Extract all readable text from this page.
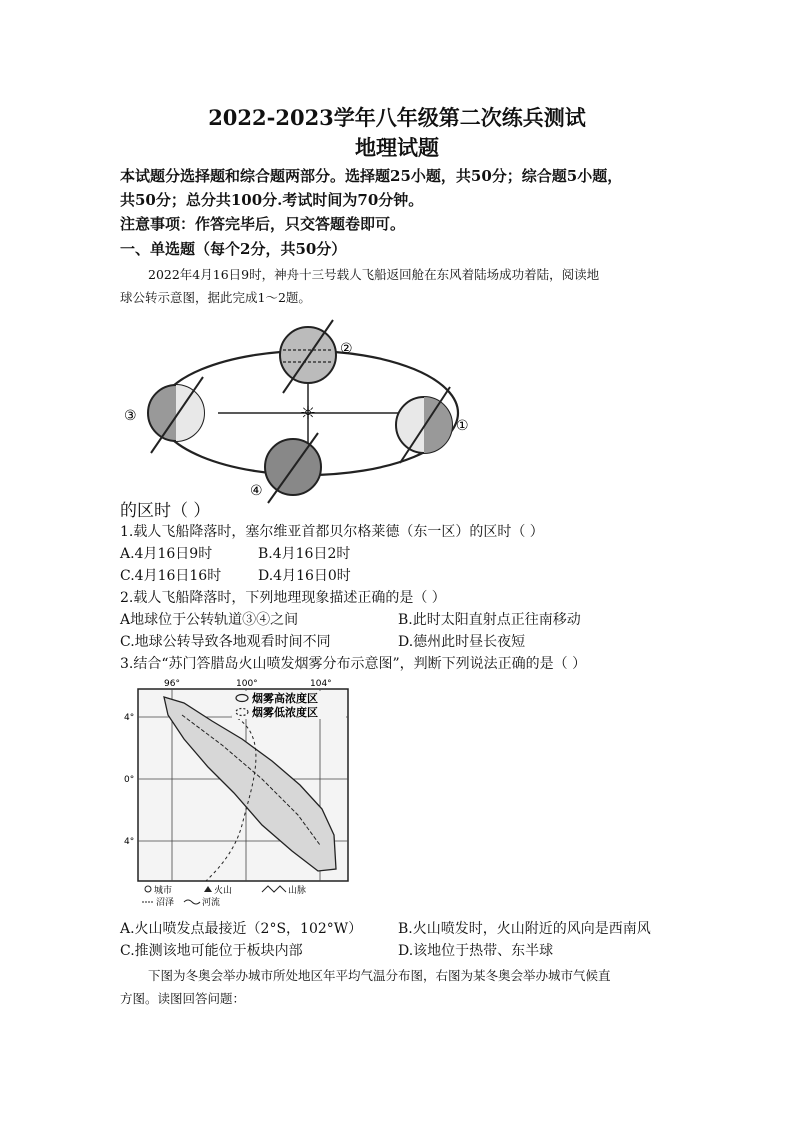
2022-2023学年八年级第二次练兵测试
地理试题
本试题分选择题和综合题两部分。选择题25小题，共50分；综合题5小题，
共50分；总分共100分.考试时间为70分钟。
注意事项：作答完毕后，只交答题卷即可。
一、单选题（每个2分，共50分）
2022年4月16日9时，神舟十三号载人飞船返回舱在东风着陆场成功着陆，阅读地
球公转示意图，据此完成1～2题。
☼
②
③
①
④
的区时（ ）
1.载人飞船降落时，塞尔维亚首都贝尔格莱德（东一区）的区时（ ）
A.4月16日9时	B.4月16日2时
C.4月16日16时	D.4月16日0时
2.载人飞船降落时，下列地理现象描述正确的是（ ）
A地球位于公转轨道③④之间	B.此时太阳直射点正往南移动
C.地球公转导致各地观看时间不同	D.德州此时昼长夜短
3.结合“苏门答腊岛火山喷发烟雾分布示意图”，判断下列说法正确的是（ ）
烟雾高浓度区
烟雾低浓度区
96°	100°	104°
4°
0°
4°
城市	火山	山脉
沼泽	河流
A.火山喷发点最接近（2°S，102°W）	B.火山喷发时，火山附近的风向是西南风
C.推测该地可能位于板块内部	D.该地位于热带、东半球
下图为冬奥会举办城市所处地区年平均气温分布图，右图为某冬奥会举办城市气候直
方图。读图回答问题：
